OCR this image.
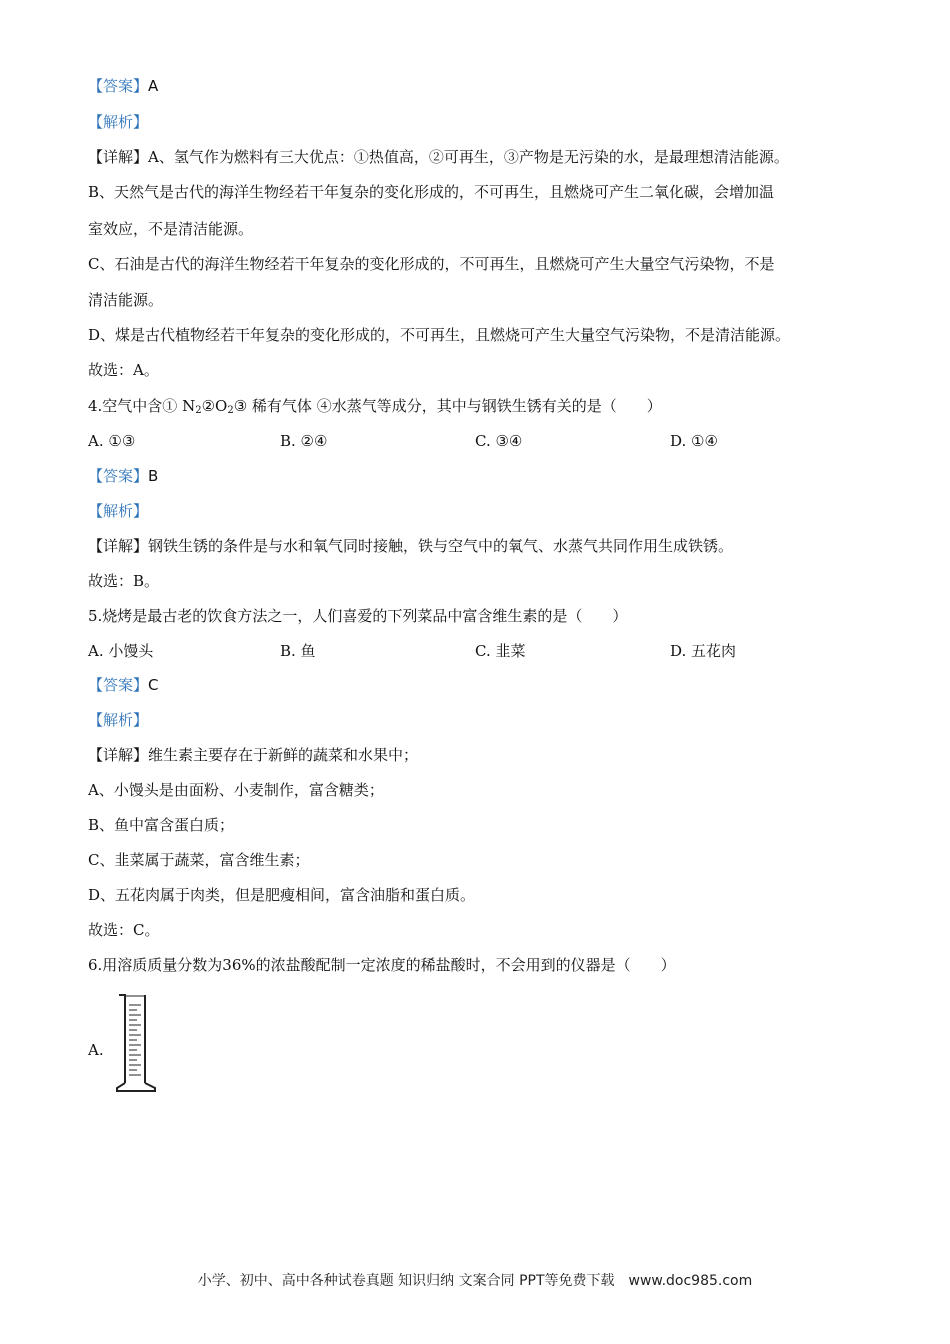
【答案】A
【解析】
【详解】A、氢气作为燃料有三大优点：①热值高，②可再生，③产物是无污染的水，是最理想清洁能源。
B、天然气是古代的海洋生物经若干年复杂的变化形成的，不可再生，且燃烧可产生二氧化碳，会增加温
室效应，不是清洁能源。
C、石油是古代的海洋生物经若干年复杂的变化形成的，不可再生，且燃烧可产生大量空气污染物，不是
清洁能源。
D、煤是古代植物经若干年复杂的变化形成的，不可再生，且燃烧可产生大量空气污染物，不是清洁能源。
故选：A。
4.空气中含① $N_2②O_2③$ 稀有气体 ④水蒸气等成分，其中与钢铁生锈有关的是（　　）
A. ①③	B. ②④	C. ③④	D. ①④
【答案】B
【解析】
【详解】钢铁生锈的条件是与水和氧气同时接触，铁与空气中的氧气、水蒸气共同作用生成铁锈。
故选：B。
5.烧烤是最古老的饮食方法之一，人们喜爱的下列菜品中富含维生素的是（　　）
A. 小馒头	B. 鱼	C. 韭菜	D. 五花肉
【答案】C
【解析】
【详解】维生素主要存在于新鲜的蔬菜和水果中；
A、小馒头是由面粉、小麦制作，富含糖类；
B、鱼中富含蛋白质；
C、韭菜属于蔬菜，富含维生素；
D、五花肉属于肉类，但是肥瘦相间，富含油脂和蛋白质。
故选：C。
6.用溶质质量分数为36%的浓盐酸配制一定浓度的稀盐酸时，不会用到的仪器是（　　）
A.
小学、初中、高中各种试卷真题 知识归纳 文案合同 PPT等免费下载　www.doc985.com
